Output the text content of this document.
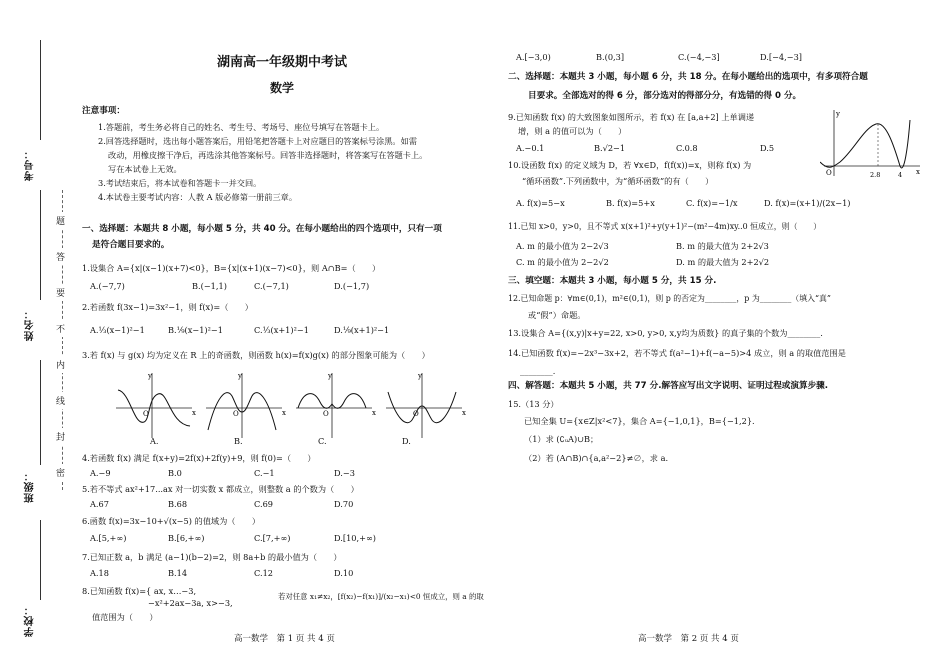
考号：
姓名：
班级：
学校：
题
答
要
不
内
线
封
密
湖南高一年级期中考试
数学
注意事项：
1.答题前，考生务必将自己的姓名、考生号、考场号、座位号填写在答题卡上。
2.回答选择题时，选出每小题答案后，用铅笔把答题卡上对应题目的答案标号涂黑。如需
改动，用橡皮擦干净后，再选涂其他答案标号。回答非选择题时，将答案写在答题卡上。
写在本试卷上无效。
3.考试结束后，将本试卷和答题卡一并交回。
4.本试卷主要考试内容：人教 A 版必修第一册前三章。
一、选择题：本题共 8 小题，每小题 5 分，共 40 分。在每小题给出的四个选项中，只有一项
是符合题目要求的。
1.设集合 A={x|(x−1)(x+7)<0}，B={x|(x+1)(x−7)<0}，则 A∩B=（　　）
A.(−7,7)	B.(−1,1)	C.(−7,1)	D.(−1,7)
2.若函数 f(3x−1)=3x²−1，则 f(x)=（　　）
A.⅓(x−1)²−1	B.⅑(x−1)²−1	C.⅓(x+1)²−1	D.⅑(x+1)²−1
3.若 f(x) 与 g(x) 均为定义在 R 上的奇函数，则函数 h(x)=f(x)g(x) 的部分图象可能为（　　）
y
x
O
y
x
O
y
x
O
y
x
O
A.	B.	C.	D.
4.若函数 f(x) 满足 f(x+y)=2f(x)+2f(y)+9，则 f(0)=（　　）
A.−9	B.0	C.−1	D.−3
5.若不等式 ax²+17...ax 对一切实数 x 都成立，则整数 a 的个数为（　　）
A.67	B.68	C.69	D.70
6.函数 f(x)=3x−10+√(x−5) 的值域为（　　）
A.[5,+∞)	B.[6,+∞)	C.[7,+∞)	D.[10,+∞)
7.已知正数 a，b 满足 (a−1)(b−2)=2，则 8a+b 的最小值为（　　）
A.18	B.14	C.12	D.10
8.已知函数 f(x)={ ax, x…−3,
−x²+2ax−3a, x>−3,
若对任意 x₁≠x₂，[f(x₂)−f(x₁)]/(x₂−x₁)<0 恒成立，则 a 的取
值范围为（　　）
高一数学　第 1 页 共 4 页
A.[−3,0)	B.(0,3]	C.(−4,−3]	D.[−4,−3]
二、选择题：本题共 3 小题，每小题 6 分，共 18 分。在每小题给出的选项中，有多项符合题
目要求。全部选对的得 6 分，部分选对的得部分分，有选错的得 0 分。
9.已知函数 f(x) 的大致图象如图所示，若 f(x) 在 [a,a+2] 上单调递
增，则 a 的值可以为（　　）
A.−0.1	B.√2−1	C.0.8	D.5
y
x
O	2.8	4
10.设函数 f(x) 的定义域为 D，若 ∀x∈D，f(f(x))=x，则称 f(x) 为
“循环函数”.下列函数中，为“循环函数”的有（　　）
A. f(x)=5−x	B. f(x)=5+x	C. f(x)=−1/x	D. f(x)=(x+1)/(2x−1)
11.已知 x>0，y>0，且不等式 x(x+1)²+y(y+1)²−(m²−4m)xy..0 恒成立，则（　　）
A. m 的最小值为 2−2√3	B. m 的最大值为 2+2√3
C. m 的最小值为 2−2√2	D. m 的最大值为 2+2√2
三、填空题：本题共 3 小题，每小题 5 分，共 15 分.
12.已知命题 p：∀m∈(0,1)，m²∈(0,1)，则 p 的否定为________，p 为________（填入“真”
或“假”）命题。
13.设集合 A={(x,y)|x+y=22, x>0, y>0, x,y均为质数} 的真子集的个数为________.
14.已知函数 f(x)=−2x³−3x+2，若不等式 f(a²−1)+f(−a−5)>4 成立，则 a 的取值范围是
________.
四、解答题：本题共 5 小题，共 77 分.解答应写出文字说明、证明过程或演算步骤.
15.（13 分）
已知全集 U={x∈Z|x²<7}，集合 A={−1,0,1}，B={−1,2}.
（1）求 (∁ᵤA)∪B；
（2）若 (A∩B)∩{a,a²−2}≠∅，求 a.
高一数学　第 2 页 共 4 页
